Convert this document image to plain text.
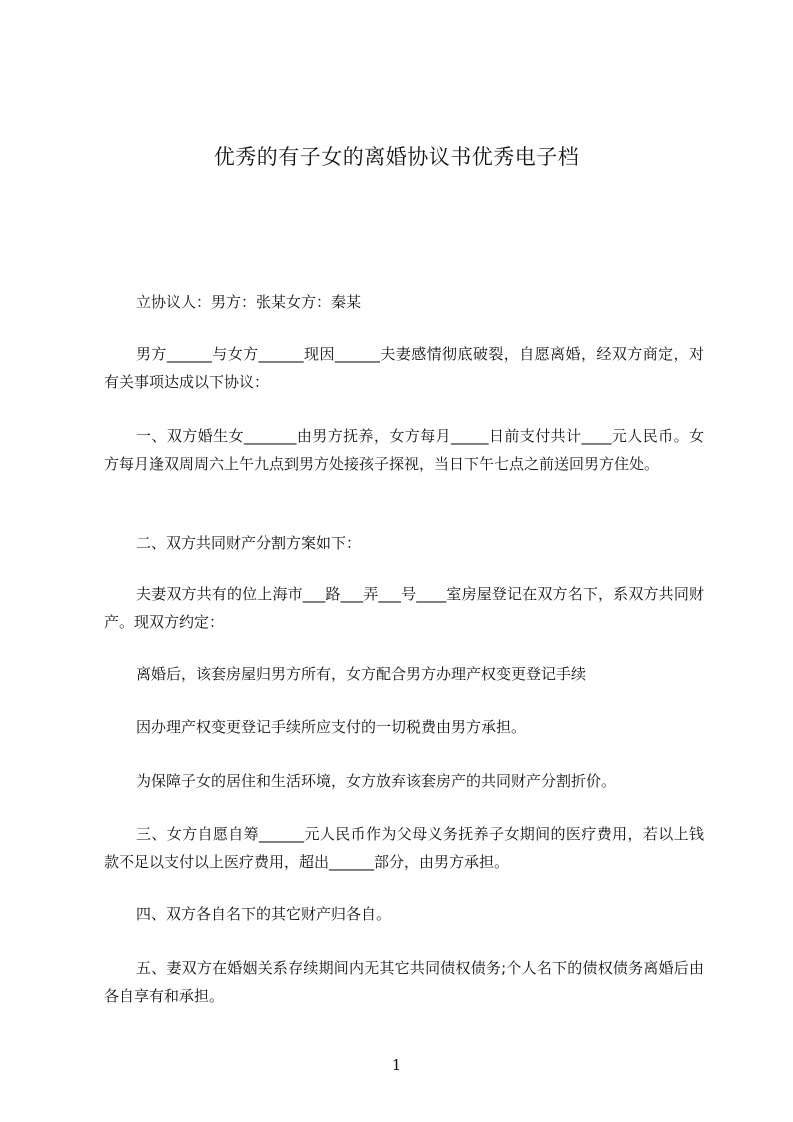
优秀的有子女的离婚协议书优秀电子档

立协议人：男方：张某女方：秦某

男方______与女方______现因______夫妻感情彻底破裂，自愿离婚，经双方商定，对有关事项达成以下协议：

一、双方婚生女_______由男方抚养，女方每月_____日前支付共计____元人民币。女方每月逢双周周六上午九点到男方处接孩子探视，当日下午七点之前送回男方住处。

二、双方共同财产分割方案如下：

夫妻双方共有的位上海市___路___弄___号____室房屋登记在双方名下，系双方共同财产。现双方约定：

离婚后，该套房屋归男方所有，女方配合男方办理产权变更登记手续

因办理产权变更登记手续所应支付的一切税费由男方承担。

为保障子女的居住和生活环境，女方放弃该套房产的共同财产分割折价。

三、女方自愿自筹______元人民币作为父母义务抚养子女期间的医疗费用，若以上钱款不足以支付以上医疗费用，超出______部分，由男方承担。

四、双方各自名下的其它财产归各自。

五、妻双方在婚姻关系存续期间内无其它共同债权债务;个人名下的债权债务离婚后由各自享有和承担。

1
